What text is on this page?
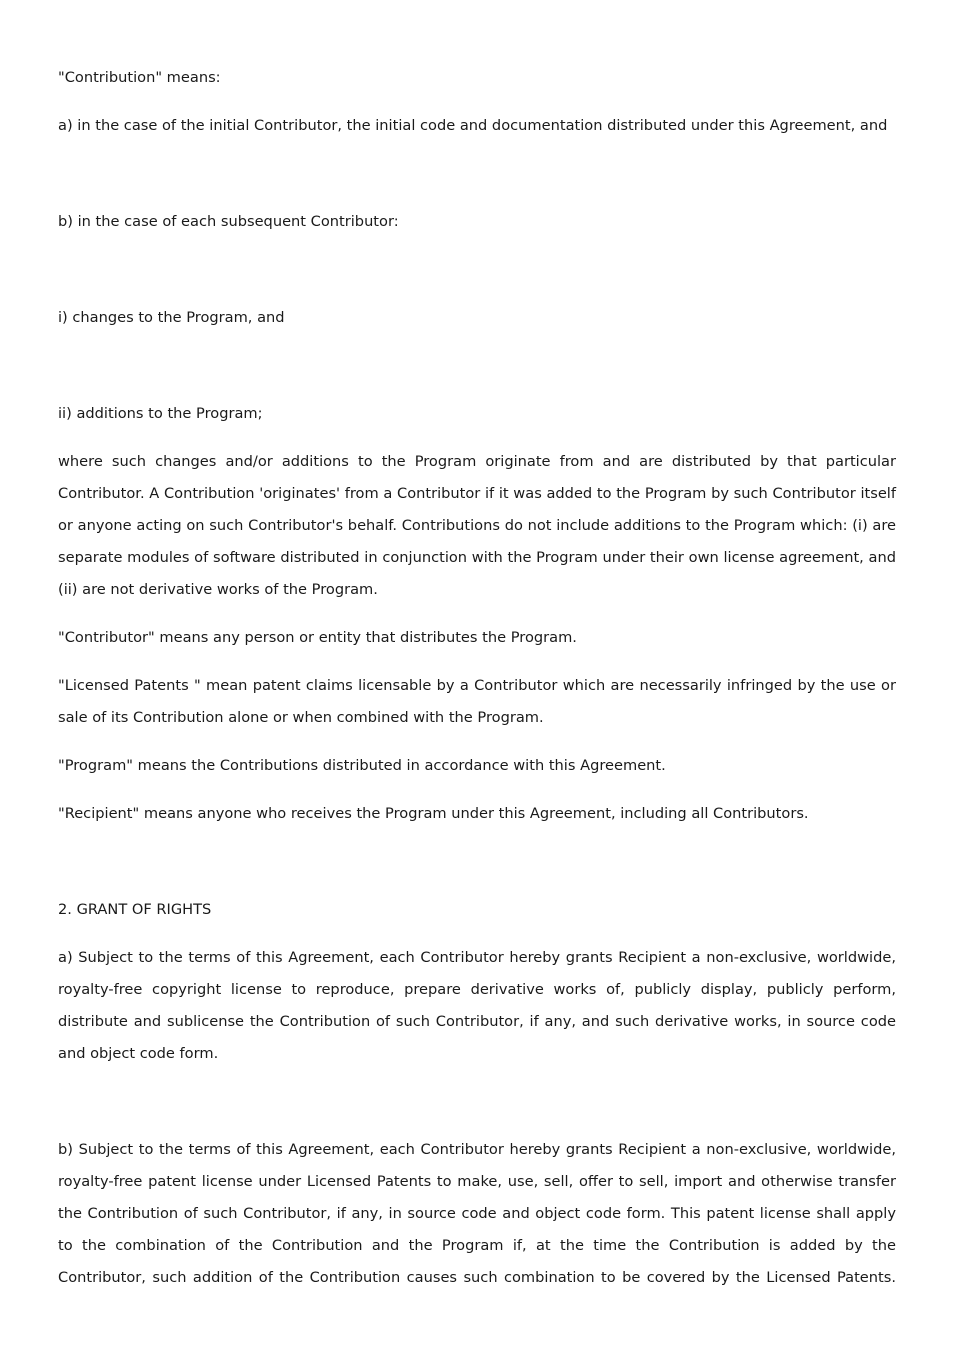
"Contribution" means:

a) in the case of the initial Contributor, the initial code and documentation distributed under this Agreement, and

b) in the case of each subsequent Contributor:

i) changes to the Program, and

ii) additions to the Program;

where such changes and/or additions to the Program originate from and are distributed by that particular Contributor. A Contribution 'originates' from a Contributor if it was added to the Program by such Contributor itself or anyone acting on such Contributor's behalf. Contributions do not include additions to the Program which: (i) are separate modules of software distributed in conjunction with the Program under their own license agreement, and (ii) are not derivative works of the Program.

"Contributor" means any person or entity that distributes the Program.

"Licensed Patents " mean patent claims licensable by a Contributor which are necessarily infringed by the use or sale of its Contribution alone or when combined with the Program.

"Program" means the Contributions distributed in accordance with this Agreement.

"Recipient" means anyone who receives the Program under this Agreement, including all Contributors.

2. GRANT OF RIGHTS

a) Subject to the terms of this Agreement, each Contributor hereby grants Recipient a non-exclusive, worldwide, royalty-free copyright license to reproduce, prepare derivative works of, publicly display, publicly perform, distribute and sublicense the Contribution of such Contributor, if any, and such derivative works, in source code and object code form.

b) Subject to the terms of this Agreement, each Contributor hereby grants Recipient a non-exclusive, worldwide, royalty-free patent license under Licensed Patents to make, use, sell, offer to sell, import and otherwise transfer the Contribution of such Contributor, if any, in source code and object code form. This patent license shall apply to the combination of the Contribution and the Program if, at the time the Contribution is added by the Contributor, such addition of the Contribution causes such combination to be covered by the Licensed Patents.
